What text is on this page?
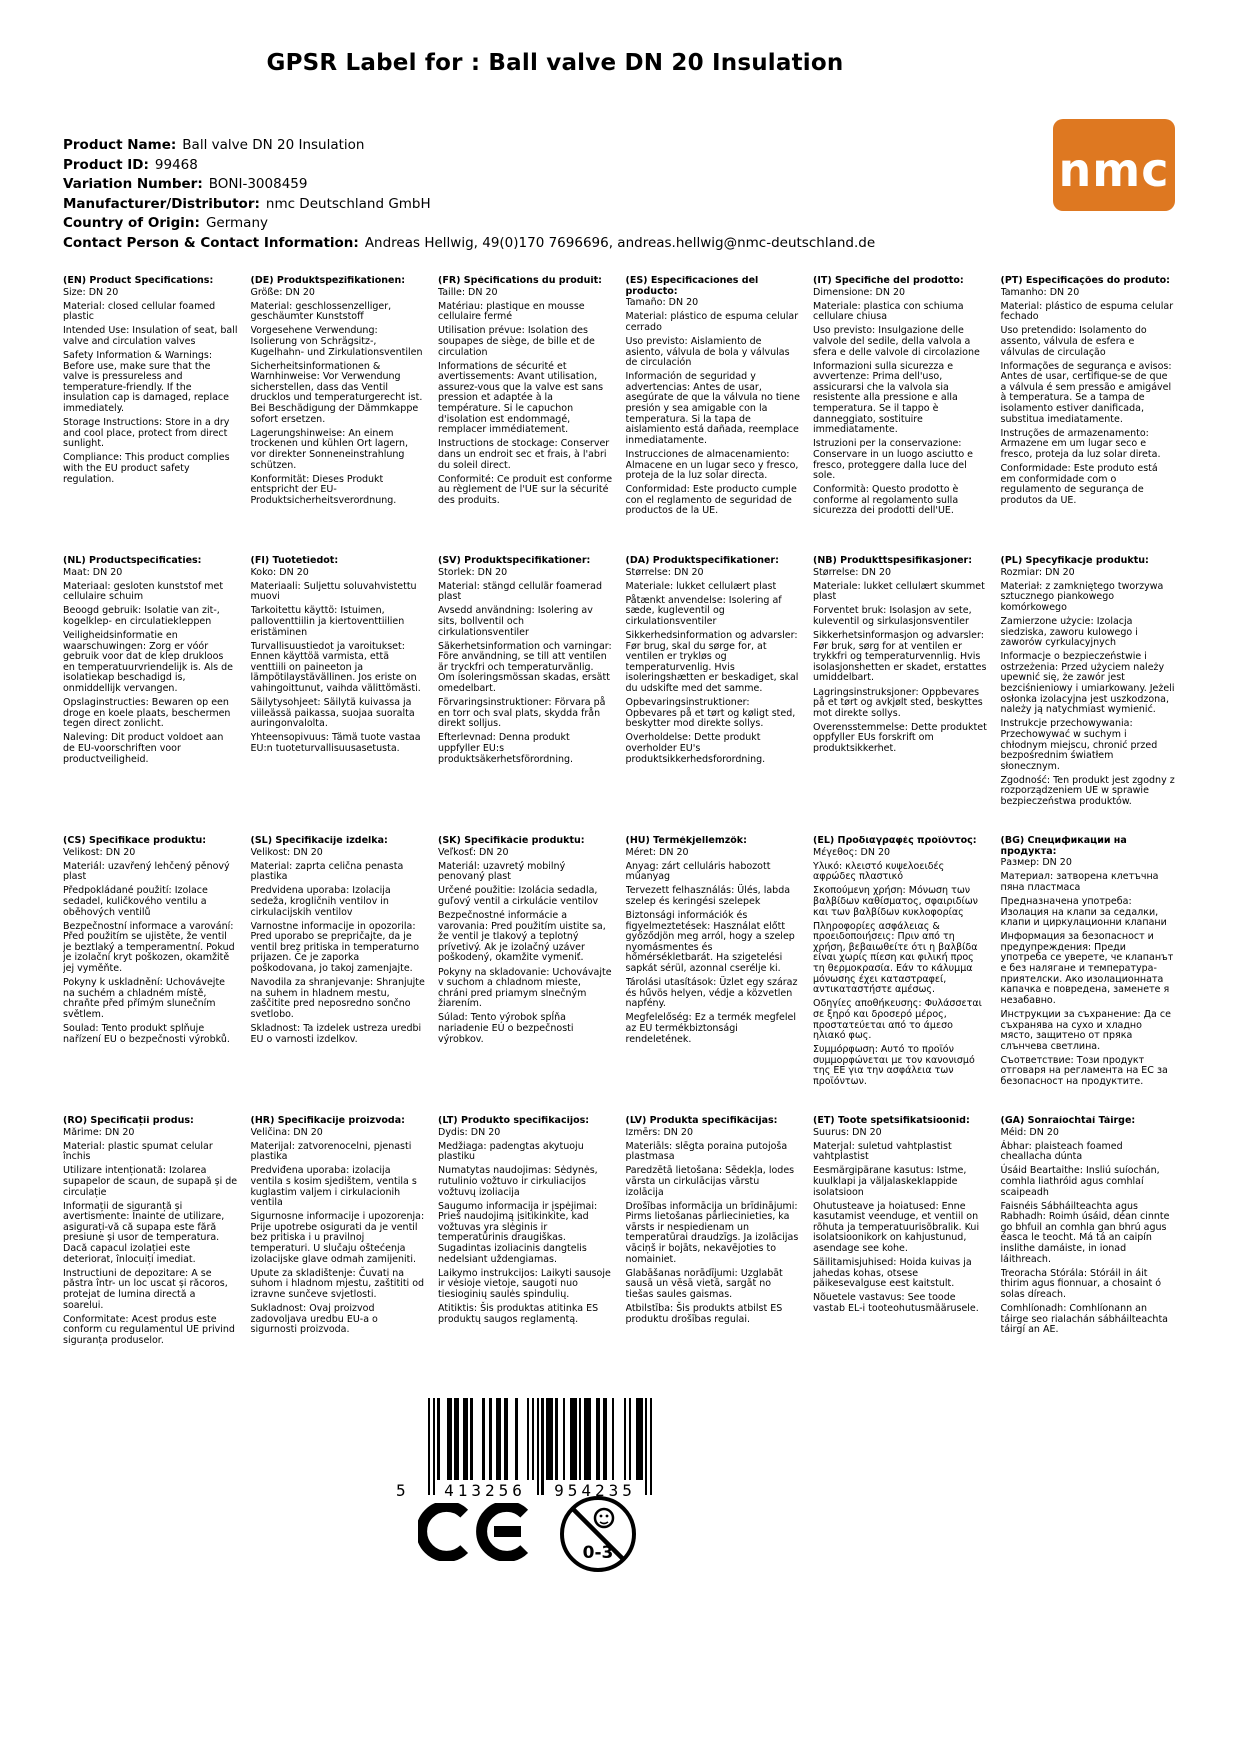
GPSR Label for : Ball valve DN 20 Insulation
Product Name: Ball valve DN 20 Insulation
Product ID: 99468
Variation Number: BONI-3008459
Manufacturer/Distributor: nmc Deutschland GmbH
Country of Origin: Germany
Contact Person & Contact Information: Andreas Hellwig, 49(0)170 7696696, andreas.hellwig@nmc-deutschland.de
nmc
(EN) Product Specifications:
Size: DN 20
Material: closed cellular foamed plastic
Intended Use: Insulation of seat, ball valve and circulation valves
Safety Information & Warnings: Before use, make sure that the valve is pressureless and temperature-friendly. If the insulation cap is damaged, replace immediately.
Storage Instructions: Store in a dry and cool place, protect from direct sunlight.
Compliance: This product complies with the EU product safety regulation.
(DE) Produktspezifikationen:
Größe: DN 20
Material: geschlossenzelliger, geschäumter Kunststoff
Vorgesehene Verwendung: Isolierung von Schrägsitz-, Kugelhahn- und Zirkulationsventilen
Sicherheitsinformationen & Warnhinweise: Vor Verwendung sicherstellen, dass das Ventil drucklos und temperaturgerecht ist. Bei Beschädigung der Dämmkappe sofort ersetzen.
Lagerungshinweise: An einem trockenen und kühlen Ort lagern, vor direkter Sonneneinstrahlung schützen.
Konformität: Dieses Produkt entspricht der EU-Produktsicherheitsverordnung.
(FR) Spécifications du produit:
Taille: DN 20
Matériau: plastique en mousse cellulaire fermé
Utilisation prévue: Isolation des soupapes de siège, de bille et de circulation
Informations de sécurité et avertissements: Avant utilisation, assurez-vous que la valve est sans pression et adaptée à la température. Si le capuchon d'isolation est endommagé, remplacer immédiatement.
Instructions de stockage: Conserver dans un endroit sec et frais, à l'abri du soleil direct.
Conformité: Ce produit est conforme au règlement de l'UE sur la sécurité des produits.
(ES) Especificaciones del producto:
Tamaño: DN 20
Material: plástico de espuma celular cerrado
Uso previsto: Aislamiento de asiento, válvula de bola y válvulas de circulación
Información de seguridad y advertencias: Antes de usar, asegúrate de que la válvula no tiene presión y sea amigable con la temperatura. Si la tapa de aislamiento está dañada, reemplace inmediatamente.
Instrucciones de almacenamiento: Almacene en un lugar seco y fresco, proteja de la luz solar directa.
Conformidad: Este producto cumple con el reglamento de seguridad de productos de la UE.
(IT) Specifiche del prodotto:
Dimensione: DN 20
Materiale: plastica con schiuma cellulare chiusa
Uso previsto: Insulgazione delle valvole del sedile, della valvola a sfera e delle valvole di circolazione
Informazioni sulla sicurezza e avvertenze: Prima dell'uso, assicurarsi che la valvola sia resistente alla pressione e alla temperatura. Se il tappo è danneggiato, sostituire immediatamente.
Istruzioni per la conservazione: Conservare in un luogo asciutto e fresco, proteggere dalla luce del sole.
Conformità: Questo prodotto è conforme al regolamento sulla sicurezza dei prodotti dell'UE.
(PT) Especificações do produto:
Tamanho: DN 20
Material: plástico de espuma celular fechado
Uso pretendido: Isolamento do assento, válvula de esfera e válvulas de circulação
Informações de segurança e avisos: Antes de usar, certifique-se de que a válvula é sem pressão e amigável à temperatura. Se a tampa de isolamento estiver danificada, substitua imediatamente.
Instruções de armazenamento: Armazene em um lugar seco e fresco, proteja da luz solar direta.
Conformidade: Este produto está em conformidade com o regulamento de segurança de produtos da UE.
(NL) Productspecificaties:
Maat: DN 20
Materiaal: gesloten kunststof met cellulaire schuim
Beoogd gebruik: Isolatie van zit-, kogelklep- en circulatiekleppen
Veiligheidsinformatie en waarschuwingen: Zorg er vóór gebruik voor dat de klep drukloos en temperatuurvriendelijk is. Als de isolatiekap beschadigd is, onmiddellijk vervangen.
Opslaginstructies: Bewaren op een droge en koele plaats, beschermen tegen direct zonlicht.
Naleving: Dit product voldoet aan de EU-voorschriften voor productveiligheid.
(FI) Tuotetiedot:
Koko: DN 20
Materiaali: Suljettu soluvahvistettu muovi
Tarkoitettu käyttö: Istuimen, palloventtiilin ja kiertoventtiilien eristäminen
Turvallisuustiedot ja varoitukset: Ennen käyttöä varmista, että venttiili on paineeton ja lämpötilaystävällinen. Jos eriste on vahingoittunut, vaihda välittömästi.
Säilytysohjeet: Säilytä kuivassa ja viileässä paikassa, suojaa suoralta auringonvalolta.
Yhteensopivuus: Tämä tuote vastaa EU:n tuoteturvallisuusasetusta.
(SV) Produktspecifikationer:
Storlek: DN 20
Material: stängd cellulär foamerad plast
Avsedd användning: Isolering av sits, bollventil och cirkulationsventiler
Säkerhetsinformation och varningar: Före användning, se till att ventilen är tryckfri och temperaturvänlig. Om isoleringsmössan skadas, ersätt omedelbart.
Förvaringsinstruktioner: Förvara på en torr och sval plats, skydda från direkt solljus.
Efterlevnad: Denna produkt uppfyller EU:s produktsäkerhetsförordning.
(DA) Produktspecifikationer:
Størrelse: DN 20
Materiale: lukket cellulært plast
Påtænkt anvendelse: Isolering af sæde, kugleventil og cirkulationsventiler
Sikkerhedsinformation og advarsler: Før brug, skal du sørge for, at ventilen er trykløs og temperaturvenlig. Hvis isoleringshætten er beskadiget, skal du udskifte med det samme.
Opbevaringsinstruktioner: Opbevares på et tørt og køligt sted, beskytter mod direkte sollys.
Overholdelse: Dette produkt overholder EU's produktsikkerhedsforordning.
(NB) Produkttspesifikasjoner:
Størrelse: DN 20
Materiale: lukket cellulært skummet plast
Forventet bruk: Isolasjon av sete, kuleventil og sirkulasjonsventiler
Sikkerhetsinformasjon og advarsler: Før bruk, sørg for at ventilen er trykkfri og temperaturvennlig. Hvis isolasjonshetten er skadet, erstattes umiddelbart.
Lagringsinstruksjoner: Oppbevares på et tørt og avkjølt sted, beskyttes mot direkte sollys.
Overensstemmelse: Dette produktet oppfyller EUs forskrift om produktsikkerhet.
(PL) Specyfikacje produktu:
Rozmiar: DN 20
Materiał: z zamkniętego tworzywa sztucznego piankowego komórkowego
Zamierzone użycie: Izolacja siedziska, zaworu kulowego i zaworów cyrkulacyjnych
Informacje o bezpieczeństwie i ostrzeżenia: Przed użyciem należy upewnić się, że zawór jest bezciśnieniowy i umiarkowany. Jeżeli osłonka izolacyjna jest uszkodzona, należy ją natychmiast wymienić.
Instrukcje przechowywania: Przechowywać w suchym i chłodnym miejscu, chronić przed bezpośrednim światłem słonecznym.
Zgodność: Ten produkt jest zgodny z rozporządzeniem UE w sprawie bezpieczeństwa produktów.
(CS) Specifikace produktu:
Velikost: DN 20
Materiál: uzavřený lehčený pěnový plast
Předpokládané použití: Izolace sedadel, kuličkového ventilu a oběhových ventilů
Bezpečnostní informace a varování: Před použitím se ujistěte, že ventil je beztlaký a temperamentní. Pokud je izolační kryt poškozen, okamžitě jej vyměňte.
Pokyny k uskladnění: Uchovávejte na suchém a chladném místě, chraňte před přímým slunečním světlem.
Soulad: Tento produkt splňuje nařízení EU o bezpečnosti výrobků.
(SL) Specifikacije izdelka:
Velikost: DN 20
Material: zaprta celična penasta plastika
Predvidena uporaba: Izolacija sedeža, krogličnih ventilov in cirkulacijskih ventilov
Varnostne informacije in opozorila: Pred uporabo se prepričajte, da je ventil brez pritiska in temperaturno prijazen. Če je zaporka poškodovana, jo takoj zamenjajte.
Navodila za shranjevanje: Shranjujte na suhem in hladnem mestu, zaščitite pred neposredno sončno svetlobo.
Skladnost: Ta izdelek ustreza uredbi EU o varnosti izdelkov.
(SK) Špecifikácie produktu:
Veľkosť: DN 20
Materiál: uzavretý mobilný penovaný plast
Určené použitie: Izolácia sedadla, guľový ventil a cirkulácie ventilov
Bezpečnostné informácie a varovania: Pred použitím uistite sa, že ventil je tlakový a teplotný prívetivý. Ak je izolačný uzáver poškodený, okamžite vymeniť.
Pokyny na skladovanie: Uchovávajte v suchom a chladnom mieste, chráni pred priamym slnečným žiarením.
Súlad: Tento výrobok spĺňa nariadenie EÚ o bezpečnosti výrobkov.
(HU) Termékjellemzők:
Méret: DN 20
Anyag: zárt celluláris habozott műanyag
Tervezett felhasználás: Ülés, labda szelep és keringési szelepek
Biztonsági információk és figyelmeztetések: Használat előtt győződjön meg arról, hogy a szelep nyomásmentes és hőmérsékletbarát. Ha szigetelési sapkát sérül, azonnal cserélje ki.
Tárolási utasítások: Üzlet egy száraz és hűvös helyen, védje a közvetlen napfény.
Megfelelőség: Ez a termék megfelel az EU termékbiztonsági rendeletének.
(EL) Προδιαγραφές προϊόντος:
Μέγεθος: DN 20
Υλικό: κλειστό κυψελοειδές αφρώδες πλαστικό
Σκοπούμενη χρήση: Μόνωση των βαλβίδων καθίσματος, σφαιριδίων και των βαλβίδων κυκλοφορίας
Πληροφορίες ασφάλειας & προειδοποιήσεις: Πριν από τη χρήση, βεβαιωθείτε ότι η βαλβίδα είναι χωρίς πίεση και φιλική προς τη θερμοκρασία. Εάν το κάλυμμα μόνωσης έχει καταστραφεί, αντικαταστήστε αμέσως.
Οδηγίες αποθήκευσης: Φυλάσσεται σε ξηρό και δροσερό μέρος, προστατεύεται από το άμεσο ηλιακό φως.
Συμμόρφωση: Αυτό το προϊόν συμμορφώνεται με τον κανονισμό της ΕΕ για την ασφάλεια των προϊόντων.
(BG) Спецификации на продукта:
Размер: DN 20
Материал: затворена клетъчна пяна пластмаса
Предназначена употреба: Изолация на клапи за седалки, клапи и циркулационни клапани
Информация за безопасност и предупреждения: Преди употреба се уверете, че клапанът е без налягане и температура-приятелски. Ако изолационната капачка е повредена, заменете я незабавно.
Инструкции за съхранение: Да се съхранява на сухо и хладно място, защитено от пряка слънчева светлина.
Съответствие: Този продукт отговаря на регламента на ЕС за безопасност на продуктите.
(RO) Specificații produs:
Mărime: DN 20
Material: plastic spumat celular închis
Utilizare intenționată: Izolarea supapelor de scaun, de supapă și de circulație
Informații de siguranță și avertismente: Înainte de utilizare, asigurați-vă că supapa este fără presiune și usor de temperatura. Dacă capacul izolației este deteriorat, înlocuiți imediat.
Instructiuni de depozitare: A se păstra într- un loc uscat și răcoros, protejat de lumina directă a soarelui.
Conformitate: Acest produs este conform cu regulamentul UE privind siguranța produselor.
(HR) Specifikacije proizvoda:
Veličina: DN 20
Materijal: zatvorenocelni, pjenasti plastika
Predviđena uporaba: izolacija ventila s kosim sjedištem, ventila s kuglastim valjem i cirkulacionih ventila
Sigurnosne informacije i upozorenja: Prije upotrebe osigurati da je ventil bez pritiska i u pravilnoj temperaturi. U slučaju oštećenja izolacijske glave odmah zamijeniti.
Upute za skladištenje: Čuvati na suhom i hladnom mjestu, zaštititi od izravne sunčeve svjetlosti.
Sukladnost: Ovaj proizvod zadovoljava uredbu EU-a o sigurnosti proizvoda.
(LT) Produkto specifikacijos:
Dydis: DN 20
Medžiaga: padengtas akytuoju plastiku
Numatytas naudojimas: Sėdynės, rutulinio vožtuvo ir cirkuliacijos vožtuvų izoliacija
Saugumo informacija ir įspėjimai: Prieš naudojimą įsitikinkite, kad vožtuvas yra slėginis ir temperatūrinis draugiškas. Sugadintas izoliacinis dangtelis nedelsiant uždengiamas.
Laikymo instrukcijos: Laikyti sausoje ir vėsioje vietoje, saugoti nuo tiesioginių saulės spindulių.
Atitiktis: Šis produktas atitinka ES produktų saugos reglamentą.
(LV) Produkta specifikācijas:
Izmērs: DN 20
Materiāls: slēgta poraina putojoša plastmasa
Paredzētā lietošana: Sēdekļa, lodes vārsta un cirkulācijas vārstu izolācija
Drošības informācija un brīdinājumi: Pirms lietošanas pārliecinieties, ka vārsts ir nespiedienam un temperatūrai draudzīgs. Ja izolācijas vāciņš ir bojāts, nekavējoties to nomainiet.
Glabāšanas norādījumi: Uzglabāt sausā un vēsā vietā, sargāt no tiešas saules gaismas.
Atbilstība: Šis produkts atbilst ES produktu drošības regulai.
(ET) Toote spetsifikatsioonid:
Suurus: DN 20
Materjal: suletud vahtplastist vahtplastist
Eesmärgipärane kasutus: Istme, kuulklapi ja väljalaskeklappide isolatsioon
Ohutusteave ja hoiatused: Enne kasutamist veenduge, et ventiil on rõhuta ja temperatuurisõbralik. Kui isolatsioonikork on kahjustunud, asendage see kohe.
Säilitamisjuhised: Hoida kuivas ja jahedas kohas, otsese päikesevalguse eest kaitstult.
Nõuetele vastavus: See toode vastab EL-i tooteohutusmäärusele.
(GA) Sonraíochtaí Táirge:
Méid: DN 20
Ábhar: plaisteach foamed cheallacha dúnta
Úsáid Beartaithe: Insliú suíochán, comhla liathróid agus comhlaí scaipeadh
Faisnéis Sábháilteachta agus Rabhadh: Roimh úsáid, déan cinnte go bhfuil an comhla gan bhrú agus éasca le teocht. Má tá an caipín inslithe damáiste, in ionad láithreach.
Treoracha Stórála: Stóráil in áit thirim agus fionnuar, a chosaint ó solas díreach.
Comhlíonadh: Comhlíonann an táirge seo rialachán sábháilteachta táirgí an AE.
5	413256	954235
0-3
